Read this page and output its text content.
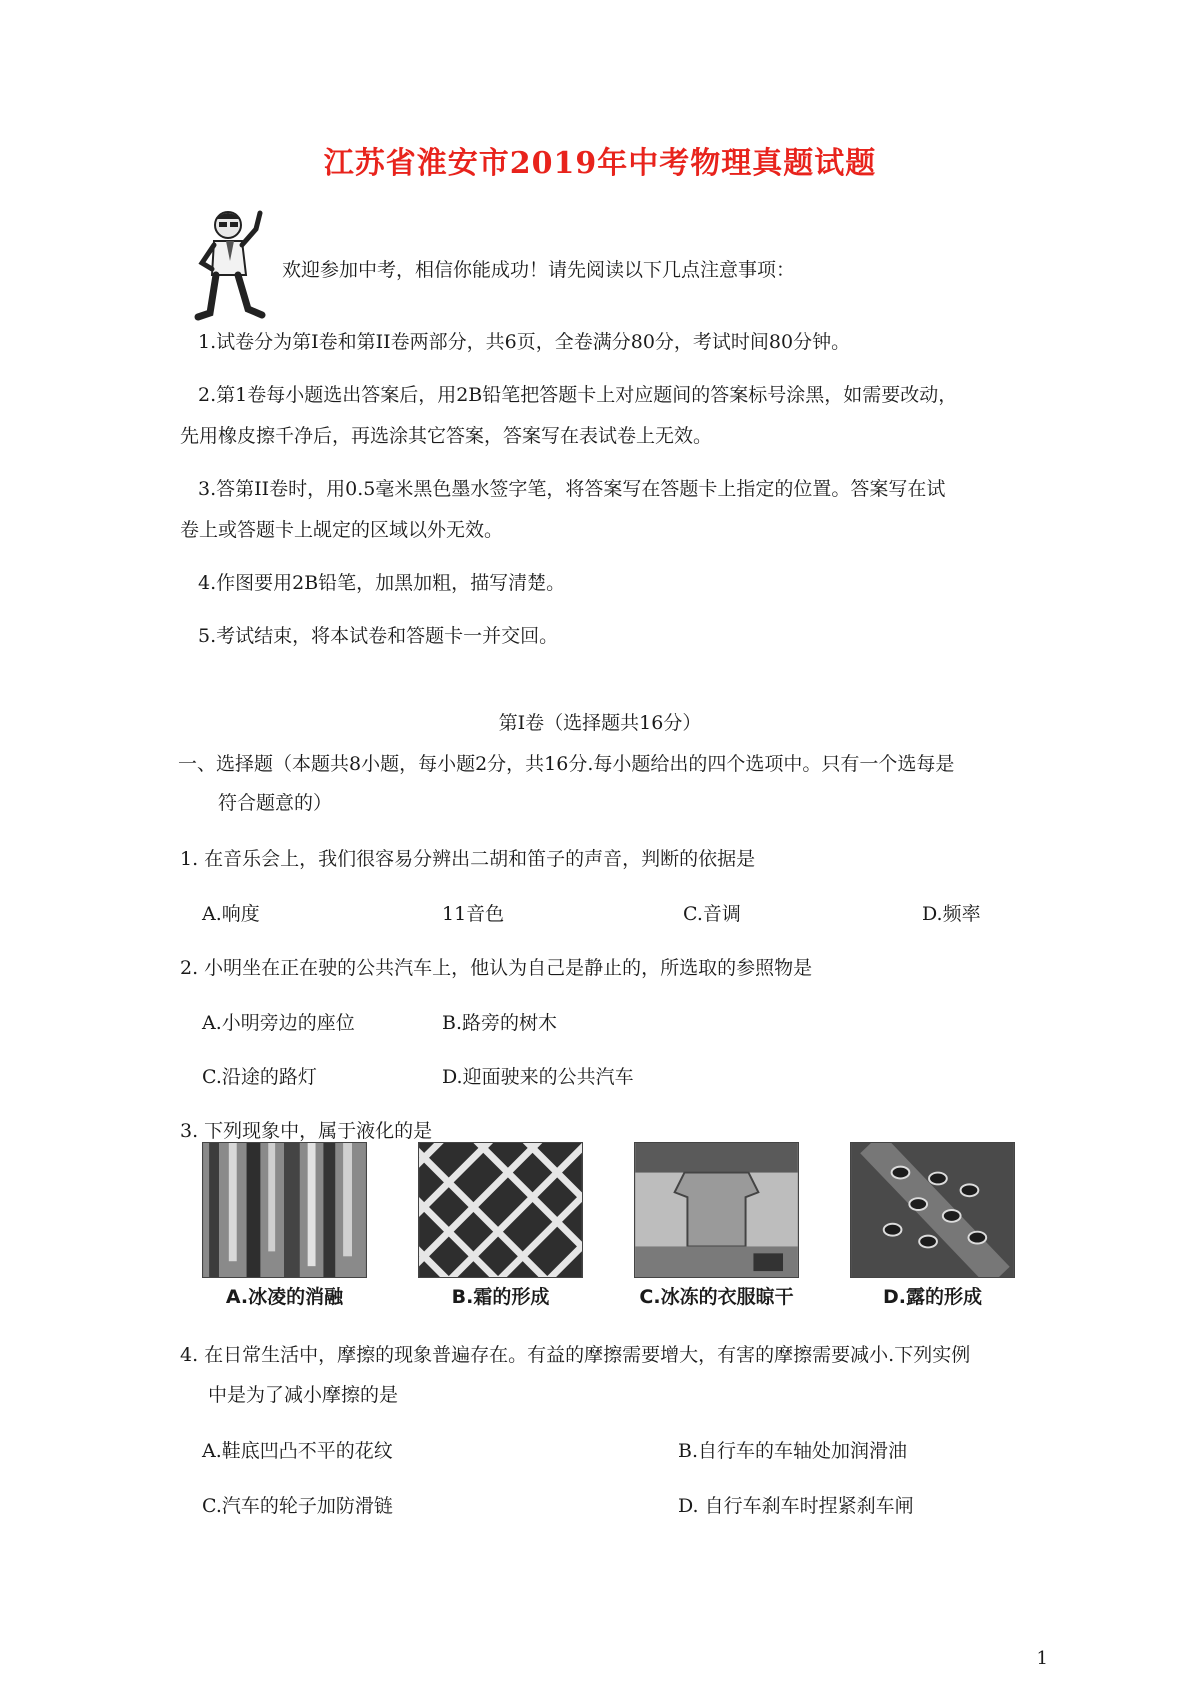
江苏省淮安市2019年中考物理真题试题
欢迎参加中考，相信你能成功！请先阅读以下几点注意事项：
1.试卷分为第I卷和第II卷两部分，共6页，全卷满分80分，考试时间80分钟。
2.第1卷每小题选出答案后，用2B铅笔把答题卡上对应题间的答案标号涂黑，如需要改动，
先用橡皮擦千净后，再选涂其它答案，答案写在表试卷上无效。
3.答第II卷时，用0.5毫米黑色墨水签字笔，将答案写在答题卡上指定的位置。答案写在试
卷上或答题卡上觇定的区域以外无效。
4.作图要用2B铅笔，加黑加粗，描写清楚。
5.考试结束，将本试卷和答题卡一并交回。
第I卷（选择题共16分）
一、选择题（本题共8小题，每小题2分，共16分.每小题给出的四个选项中。只有一个选每是
符合题意的）
1. 在音乐会上，我们很容易分辨出二胡和笛子的声音，判断的依据是
A.响度	11音色	C.音调	D.频率
2. 小明坐在正在驶的公共汽车上，他认为自己是静止的，所选取的参照物是
A.小明旁边的座位	B.路旁的树木
C.沿途的路灯	D.迎面驶来的公共汽车
3. 下列现象中，属于液化的是
A.冰凌的消融	B.霜的形成	C.冰冻的衣服晾干	D.露的形成
4. 在日常生活中，摩擦的现象普遍存在。有益的摩擦需要增大，有害的摩擦需要减小.下列实例
中是为了减小摩擦的是
A.鞋底凹凸不平的花纹	B.自行车的车轴处加润滑油
C.汽车的轮子加防滑链	D. 自行车刹车时捏紧刹车闸
1
